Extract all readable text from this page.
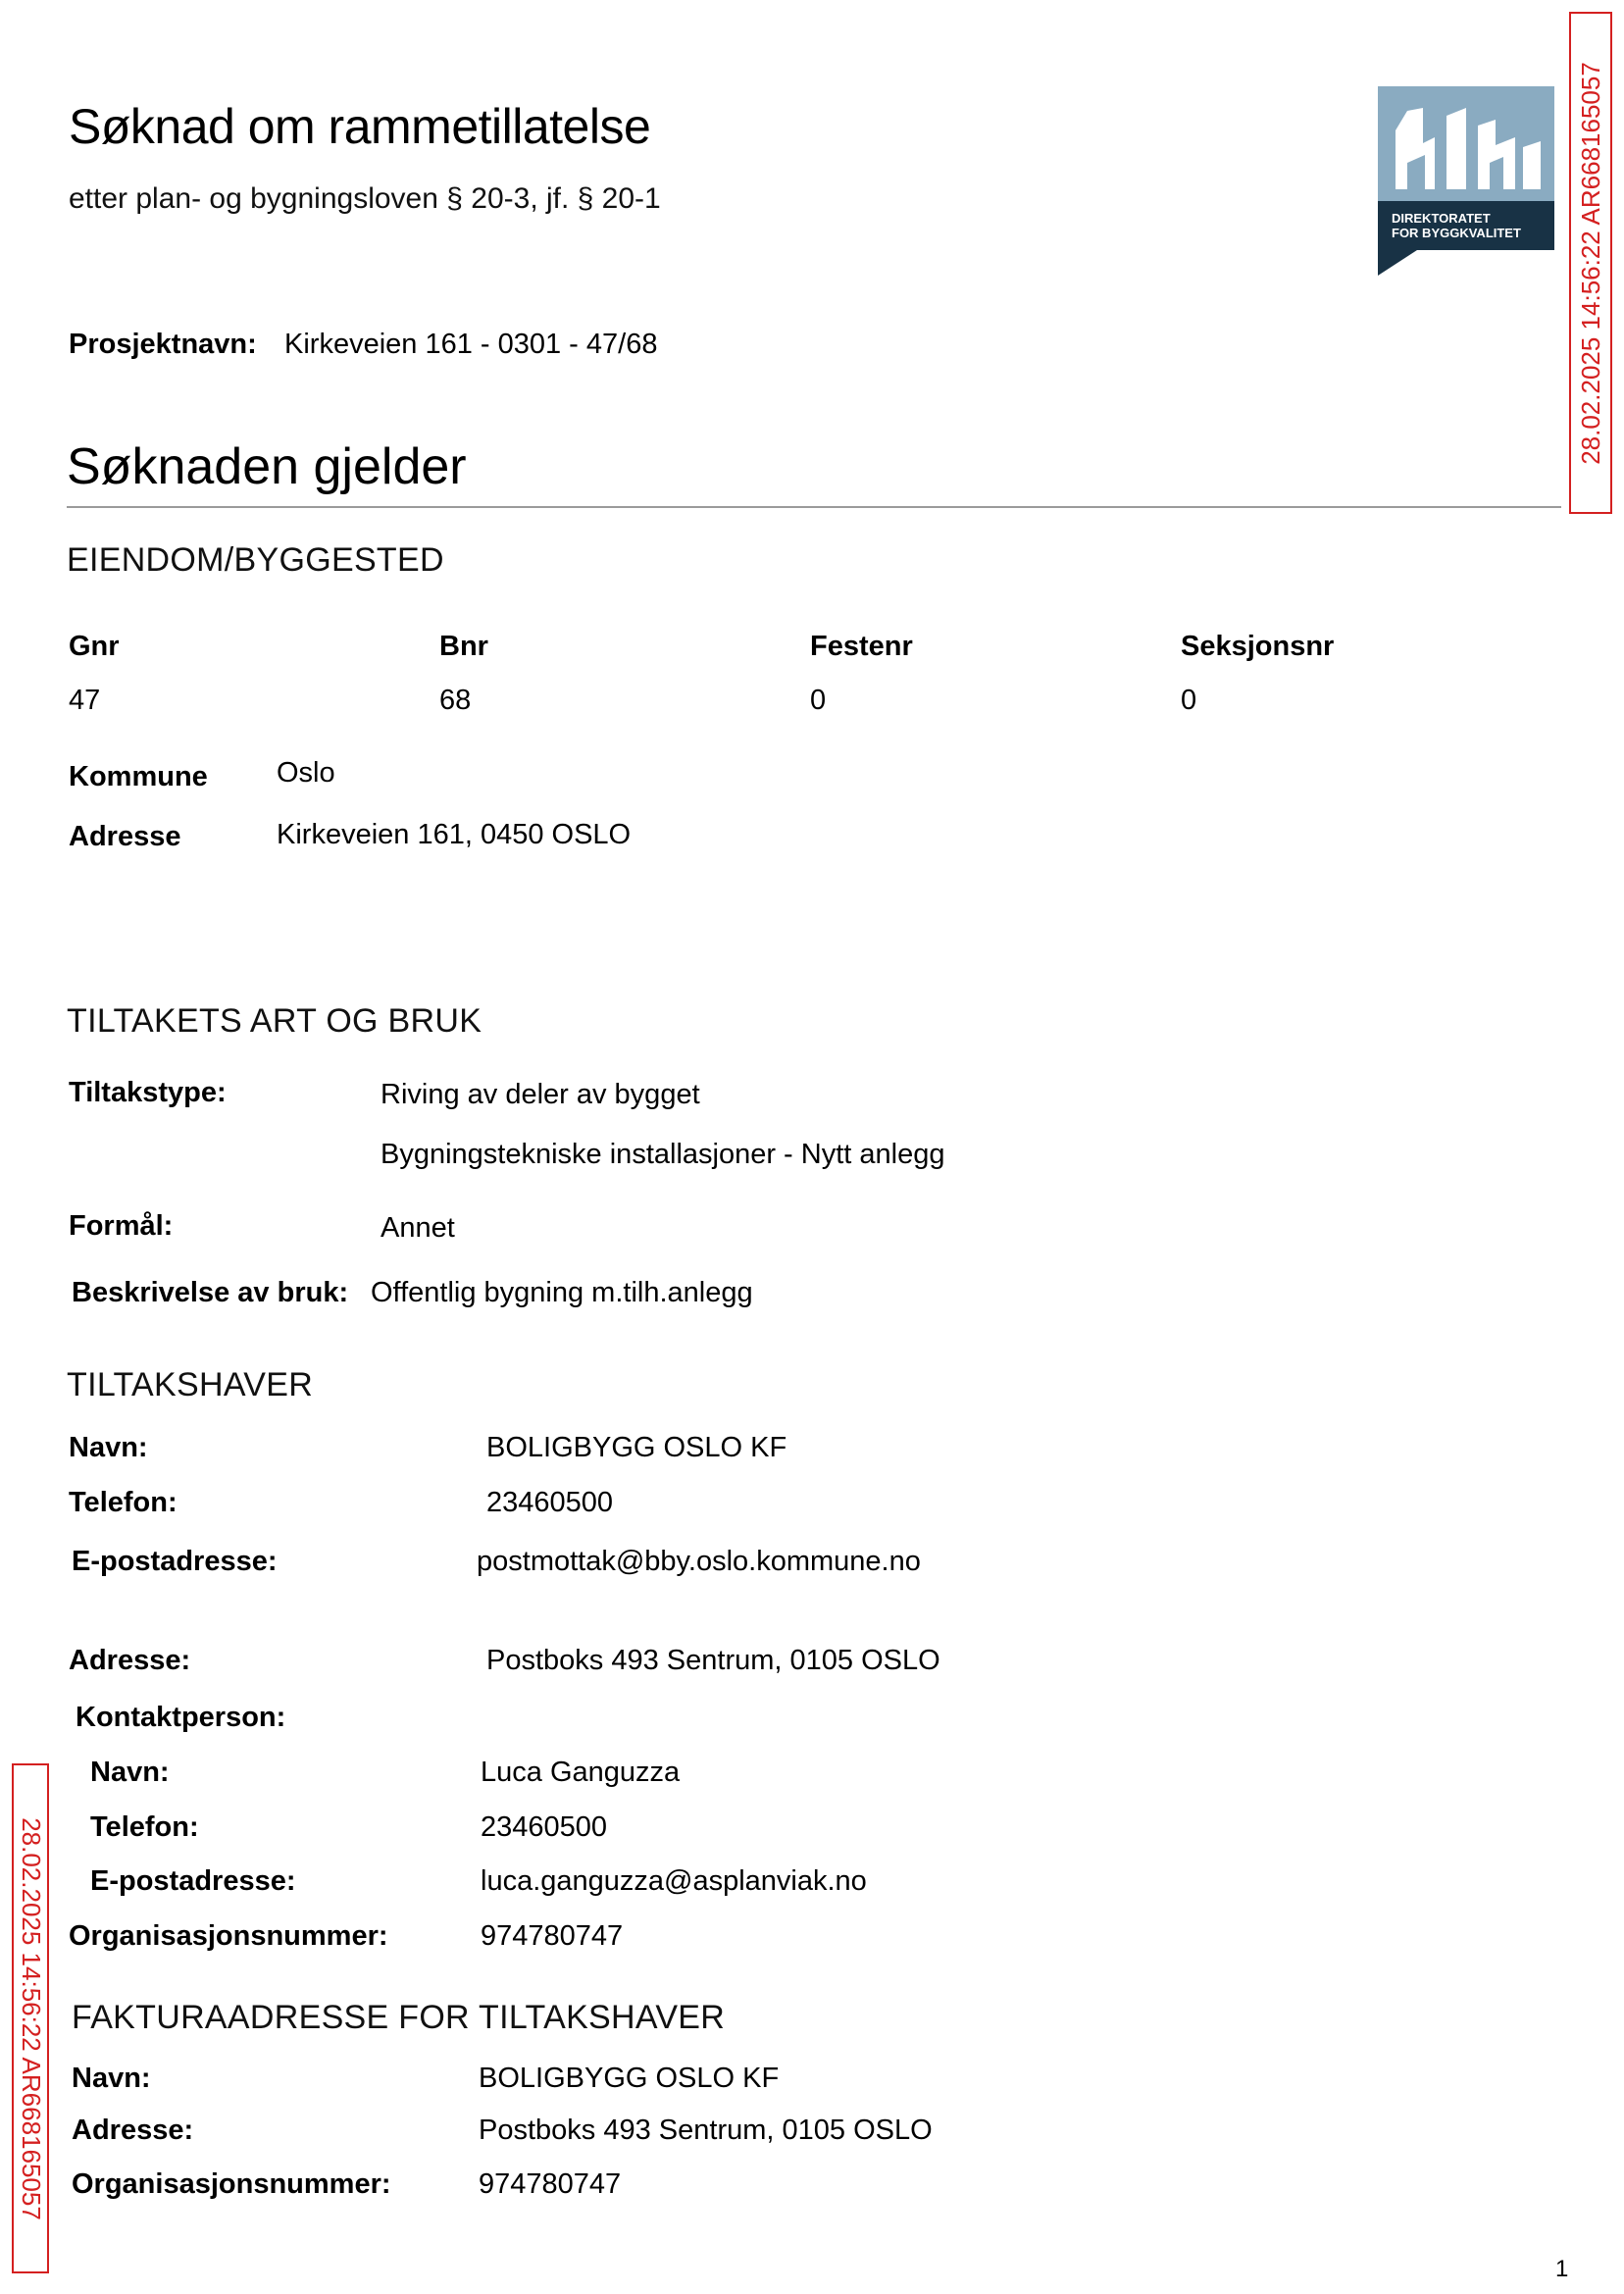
Søknad om rammetillatelse
etter plan- og bygningsloven § 20-3, jf. § 20-1
DIREKTORATET
FOR BYGGKVALITET	28.02.2025 14:56:22 AR668165057
28.02.2025 14:56:22 AR668165057
Prosjektnavn: Kirkeveien 161 - 0301 - 47/68
Søknaden gjelder
EIENDOM/BYGGESTED
Gnr	Bnr	Festenr	Seksjonsnr
47	68	0	0
Kommune Oslo
Adresse	Kirkeveien 161, 0450 OSLO
TILTAKETS ART OG BRUK
Tiltakstype:	Riving av deler av bygget
Bygningstekniske installasjoner - Nytt anlegg
Formål:	Annet
Beskrivelse av bruk: Offentlig bygning m.tilh.anlegg
TILTAKSHAVER
Navn:	BOLIGBYGG OSLO KF
Telefon:	23460500
E-postadresse:	postmottak@bby.oslo.kommune.no
Adresse:	Postboks 493 Sentrum, 0105 OSLO
Kontaktperson:
Navn:	Luca Ganguzza
Telefon:	23460500
E-postadresse:	luca.ganguzza@asplanviak.no
Organisasjonsnummer:	974780747
FAKTURAADRESSE FOR TILTAKSHAVER
Navn:	BOLIGBYGG OSLO KF
Adresse:	Postboks 493 Sentrum, 0105 OSLO
Organisasjonsnummer:	974780747
1
